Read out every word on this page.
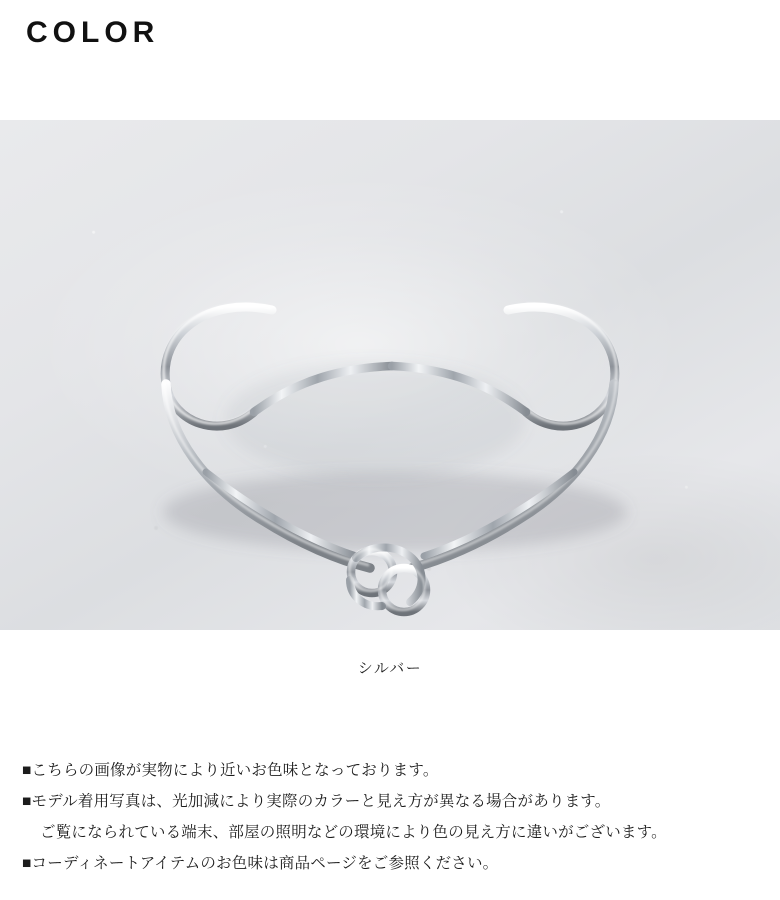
COLOR
シルバー
■こちらの画像が実物により近いお色味となっております。
■モデル着用写真は、光加減により実際のカラーと見え方が異なる場合があります。
ご覧になられている端末、部屋の照明などの環境により色の見え方に違いがございます。
■コーディネートアイテムのお色味は商品ページをご参照ください。
